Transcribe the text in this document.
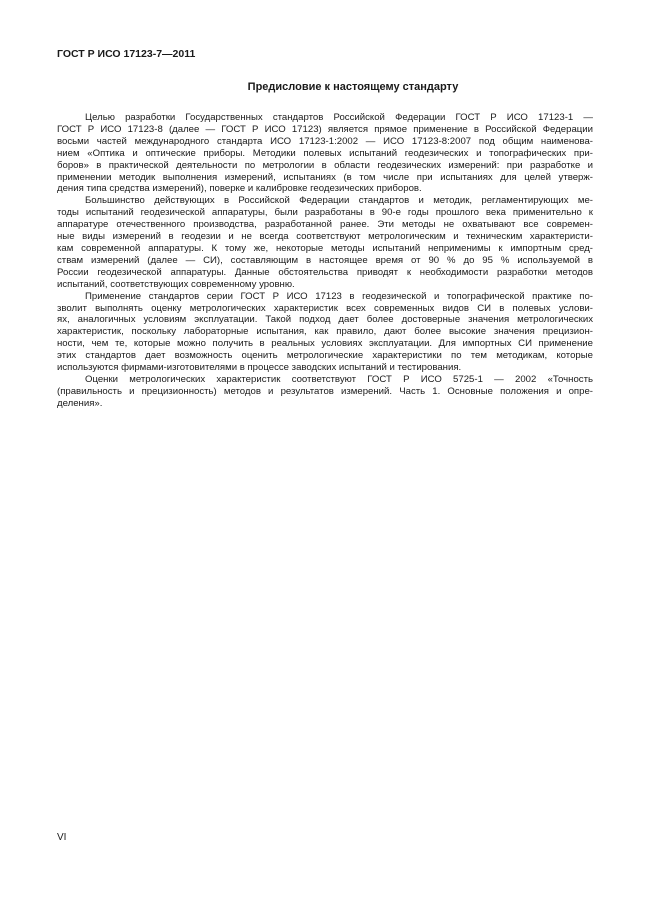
ГОСТ Р ИСО 17123-7—2011
Предисловие к настоящему стандарту
Целью разработки Государственных стандартов Российской Федерации ГОСТ Р ИСО 17123-1 —
ГОСТ Р ИСО 17123-8 (далее — ГОСТ Р ИСО 17123) является прямое применение в Российской Федерации
восьми частей международного стандарта ИСО 17123-1:2002 — ИСО 17123-8:2007 под общим наименова-
нием «Оптика и оптические приборы. Методики полевых испытаний геодезических и топографических при-
боров» в практической деятельности по метрологии в области геодезических измерений: при разработке и
применении методик выполнения измерений, испытаниях (в том числе при испытаниях для целей утверж-
дения типа средства измерений), поверке и калибровке геодезических приборов.
Большинство действующих в Российской Федерации стандартов и методик, регламентирующих ме-
тоды испытаний геодезической аппаратуры, были разработаны в 90-е годы прошлого века применительно к
аппаратуре отечественного производства, разработанной ранее. Эти методы не охватывают все современ-
ные виды измерений в геодезии и не всегда соответствуют метрологическим и техническим характеристи-
кам современной аппаратуры. К тому же, некоторые методы испытаний неприменимы к импортным сред-
ствам измерений (далее — СИ), составляющим в настоящее время от 90 % до 95 % используемой в
России геодезической аппаратуры. Данные обстоятельства приводят к необходимости разработки методов
испытаний, соответствующих современному уровню.
Применение стандартов серии ГОСТ Р ИСО 17123 в геодезической и топографической практике по-
зволит выполнять оценку метрологических характеристик всех современных видов СИ в полевых услови-
ях, аналогичных условиям эксплуатации. Такой подход дает более достоверные значения метрологических
характеристик, поскольку лабораторные испытания, как правило, дают более высокие значения прецизион-
ности, чем те, которые можно получить в реальных условиях эксплуатации. Для импортных СИ применение
этих стандартов дает возможность оценить метрологические характеристики по тем методикам, которые
используются фирмами-изготовителями в процессе заводских испытаний и тестирования.
Оценки метрологических характеристик соответствуют ГОСТ Р ИСО 5725-1 — 2002 «Точность
(правильность и прецизионность) методов и результатов измерений. Часть 1. Основные положения и опре-
деления».
VI
